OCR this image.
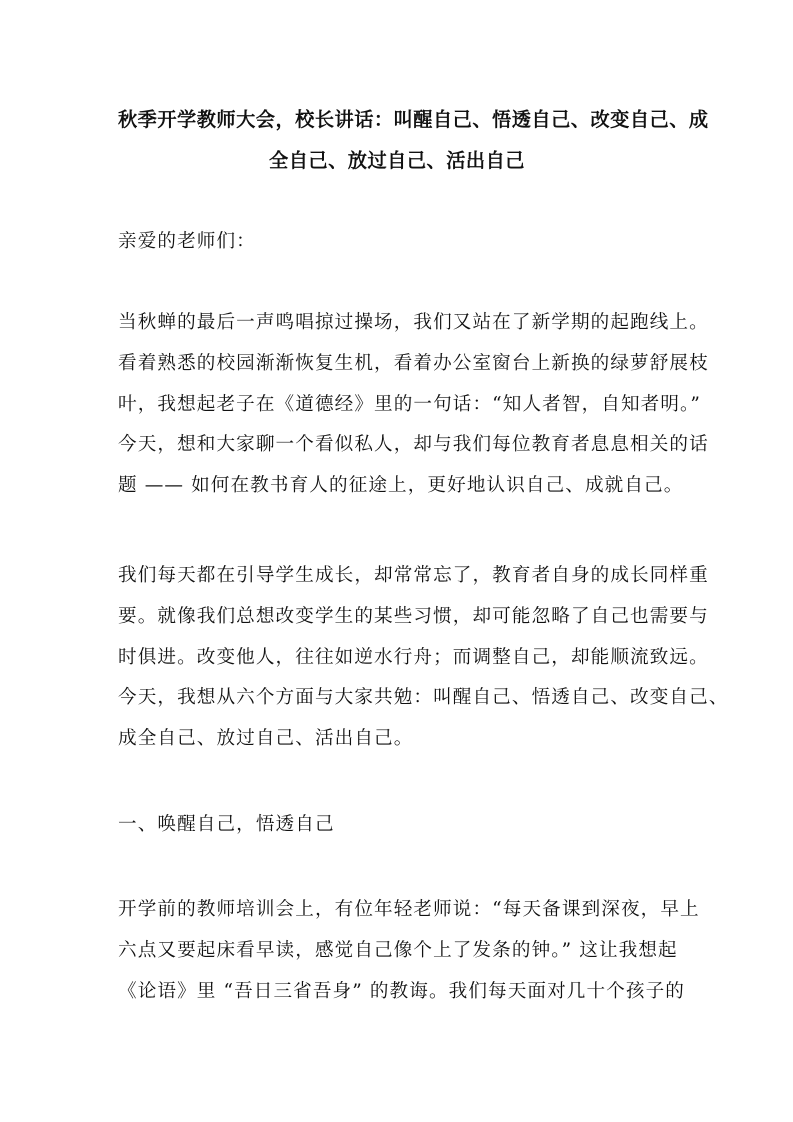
秋季开学教师大会，校长讲话：叫醒自己、悟透自己、改变自己、成
全自己、放过自己、活出自己

亲爱的老师们：

当秋蝉的最后一声鸣唱掠过操场，我们又站在了新学期的起跑线上。
看着熟悉的校园渐渐恢复生机，看着办公室窗台上新换的绿萝舒展枝
叶，我想起老子在《道德经》里的一句话：“知人者智，自知者明。”
今天，想和大家聊一个看似私人，却与我们每位教育者息息相关的话
题 —— 如何在教书育人的征途上，更好地认识自己、成就自己。

我们每天都在引导学生成长，却常常忘了，教育者自身的成长同样重
要。就像我们总想改变学生的某些习惯，却可能忽略了自己也需要与
时俱进。改变他人，往往如逆水行舟；而调整自己，却能顺流致远。
今天，我想从六个方面与大家共勉：叫醒自己、悟透自己、改变自己、
成全自己、放过自己、活出自己。

一、唤醒自己，悟透自己

开学前的教师培训会上，有位年轻老师说：“每天备课到深夜，早上
六点又要起床看早读，感觉自己像个上了发条的钟。” 这让我想起
《论语》里 “吾日三省吾身” 的教诲。我们每天面对几十个孩子的
